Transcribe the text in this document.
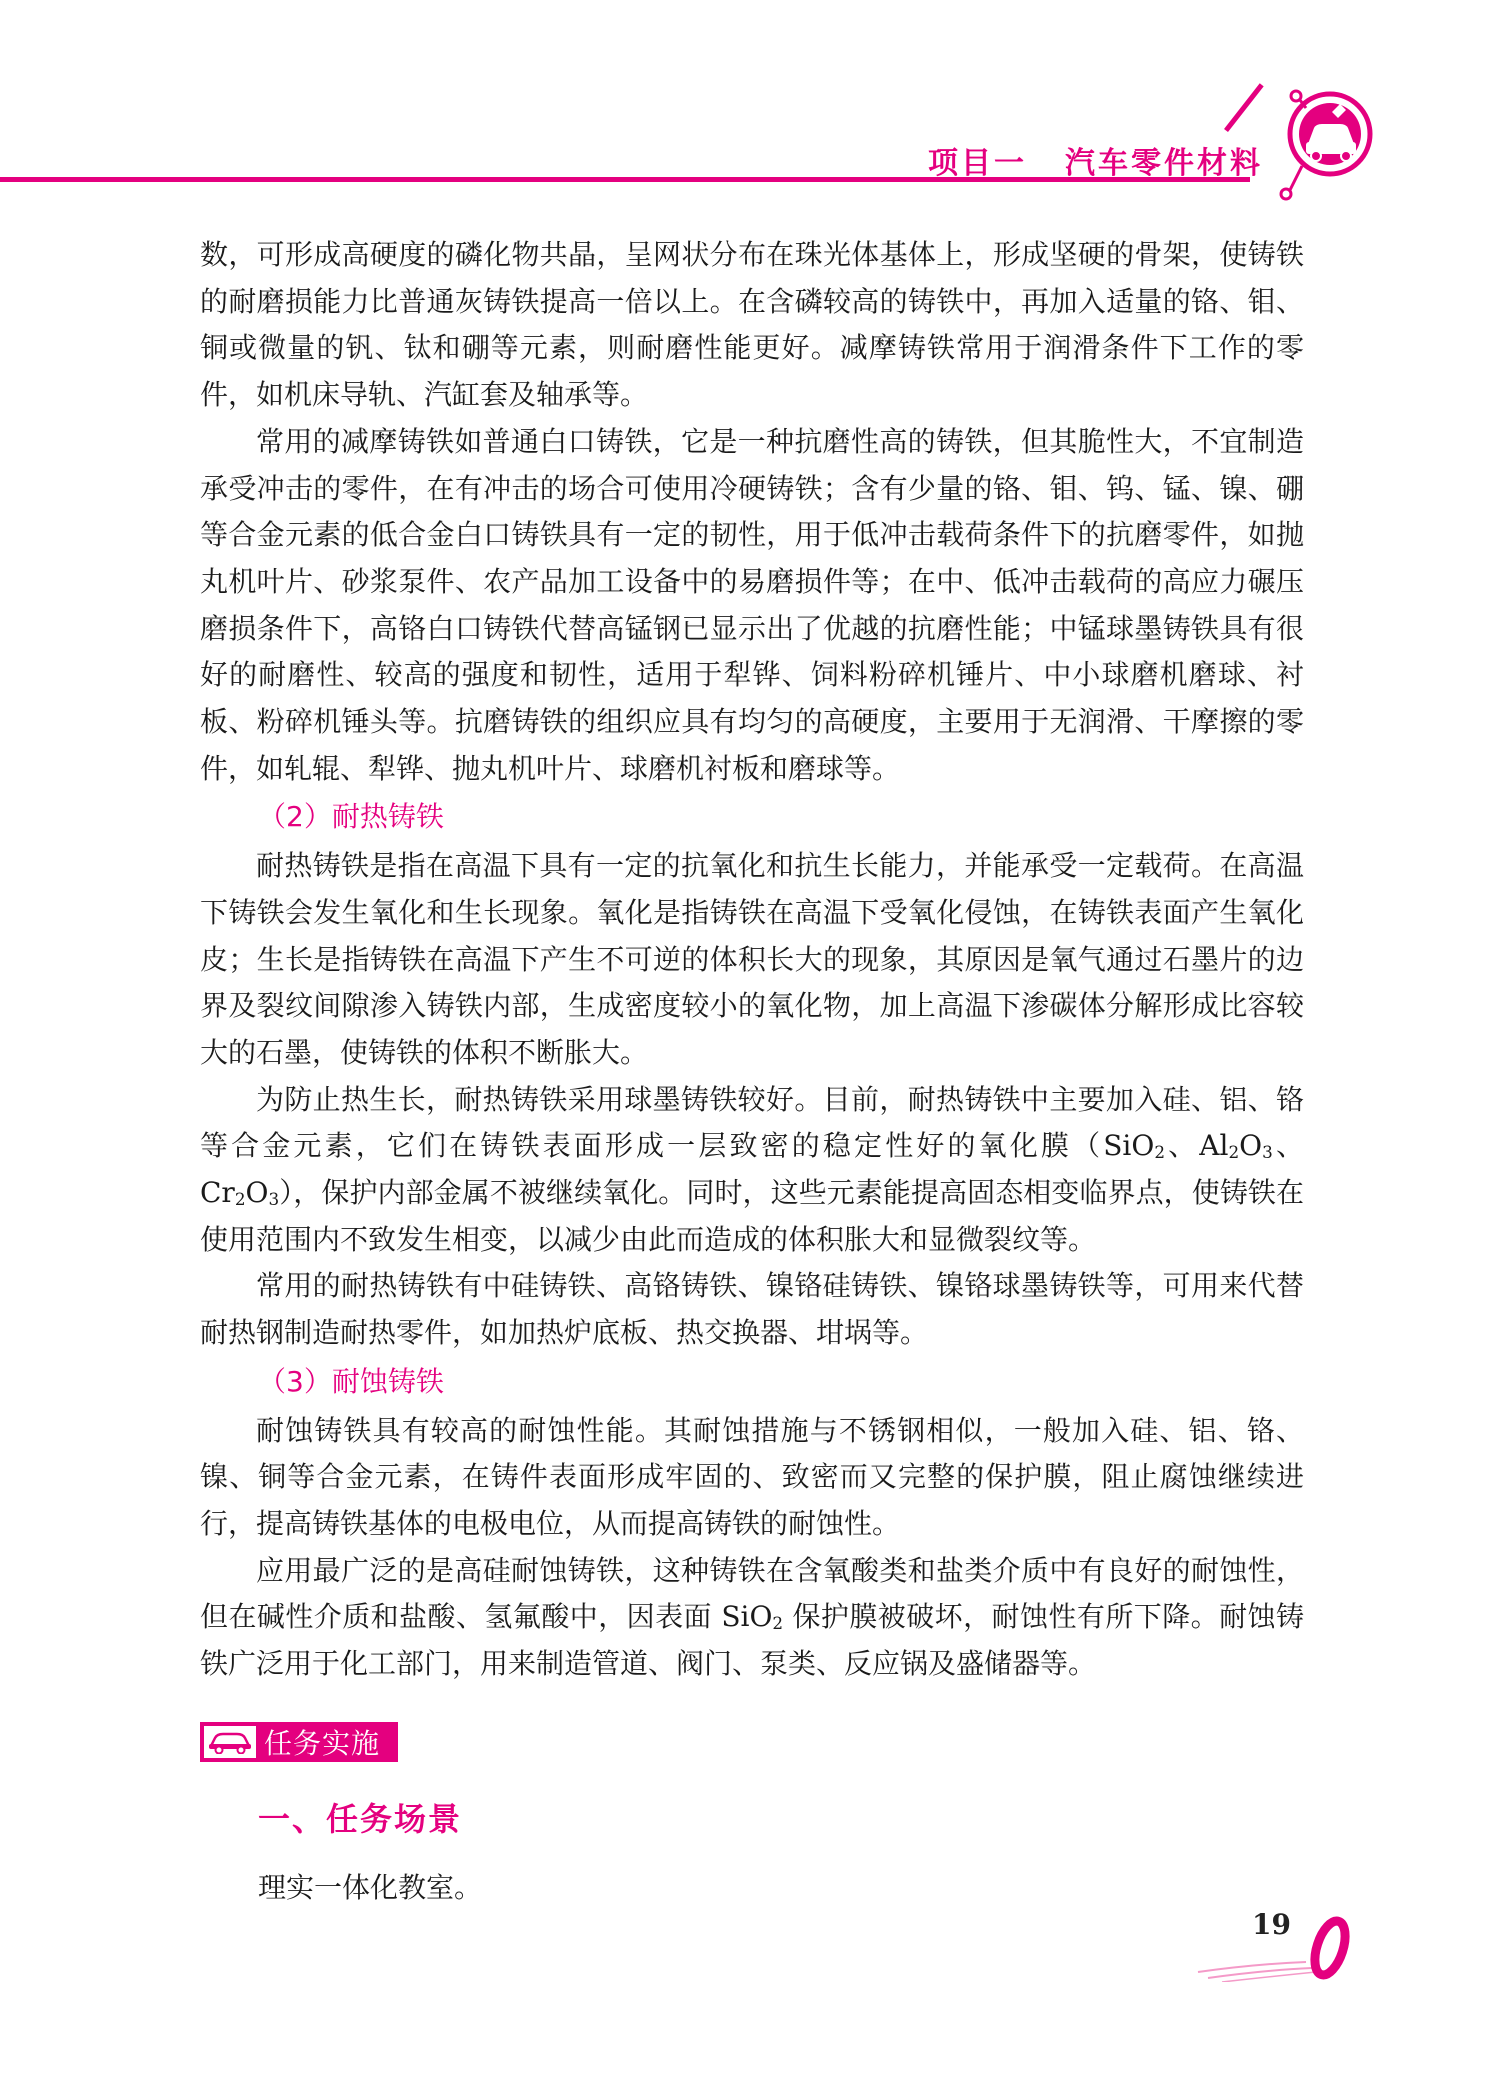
项目一 汽车零件材料

数，可形成高硬度的磷化物共晶，呈网状分布在珠光体基体上，形成坚硬的骨架，使铸铁的耐磨损能力比普通灰铸铁提高一倍以上。在含磷较高的铸铁中，再加入适量的铬、钼、铜或微量的钒、钛和硼等元素，则耐磨性能更好。减摩铸铁常用于润滑条件下工作的零件，如机床导轨、汽缸套及轴承等。

常用的减摩铸铁如普通白口铸铁，它是一种抗磨性高的铸铁，但其脆性大，不宜制造承受冲击的零件，在有冲击的场合可使用冷硬铸铁；含有少量的铬、钼、钨、锰、镍、硼等合金元素的低合金白口铸铁具有一定的韧性，用于低冲击载荷条件下的抗磨零件，如抛丸机叶片、砂浆泵件、农产品加工设备中的易磨损件等；在中、低冲击载荷的高应力碾压磨损条件下，高铬白口铸铁代替高锰钢已显示出了优越的抗磨性能；中锰球墨铸铁具有很好的耐磨性、较高的强度和韧性，适用于犁铧、饲料粉碎机锤片、中小球磨机磨球、衬板、粉碎机锤头等。抗磨铸铁的组织应具有均匀的高硬度，主要用于无润滑、干摩擦的零件，如轧辊、犁铧、抛丸机叶片、球磨机衬板和磨球等。

（2）耐热铸铁

耐热铸铁是指在高温下具有一定的抗氧化和抗生长能力，并能承受一定载荷。在高温下铸铁会发生氧化和生长现象。氧化是指铸铁在高温下受氧化侵蚀，在铸铁表面产生氧化皮；生长是指铸铁在高温下产生不可逆的体积长大的现象，其原因是氧气通过石墨片的边界及裂纹间隙渗入铸铁内部，生成密度较小的氧化物，加上高温下渗碳体分解形成比容较大的石墨，使铸铁的体积不断胀大。

为防止热生长，耐热铸铁采用球墨铸铁较好。目前，耐热铸铁中主要加入硅、铝、铬等合金元素，它们在铸铁表面形成一层致密的稳定性好的氧化膜（SiO$_2$、$Al_2O_3$、$Cr_2O_3$），保护内部金属不被继续氧化。同时，这些元素能提高固态相变临界点，使铸铁在使用范围内不致发生相变，以减少由此而造成的体积胀大和显微裂纹等。

常用的耐热铸铁有中硅铸铁、高铬铸铁、镍铬硅铸铁、镍铬球墨铸铁等，可用来代替耐热钢制造耐热零件，如加热炉底板、热交换器、坩埚等。

（3）耐蚀铸铁

耐蚀铸铁具有较高的耐蚀性能。其耐蚀措施与不锈钢相似，一般加入硅、铝、铬、镍、铜等合金元素，在铸件表面形成牢固的、致密而又完整的保护膜，阻止腐蚀继续进行，提高铸铁基体的电极电位，从而提高铸铁的耐蚀性。

应用最广泛的是高硅耐蚀铸铁，这种铸铁在含氧酸类和盐类介质中有良好的耐蚀性，但在碱性介质和盐酸、氢氟酸中，因表面 SiO$_2$ 保护膜被破坏，耐蚀性有所下降。耐蚀铸铁广泛用于化工部门，用来制造管道、阀门、泵类、反应锅及盛储器等。

任务实施
一、任务场景
理实一体化教室。
19
